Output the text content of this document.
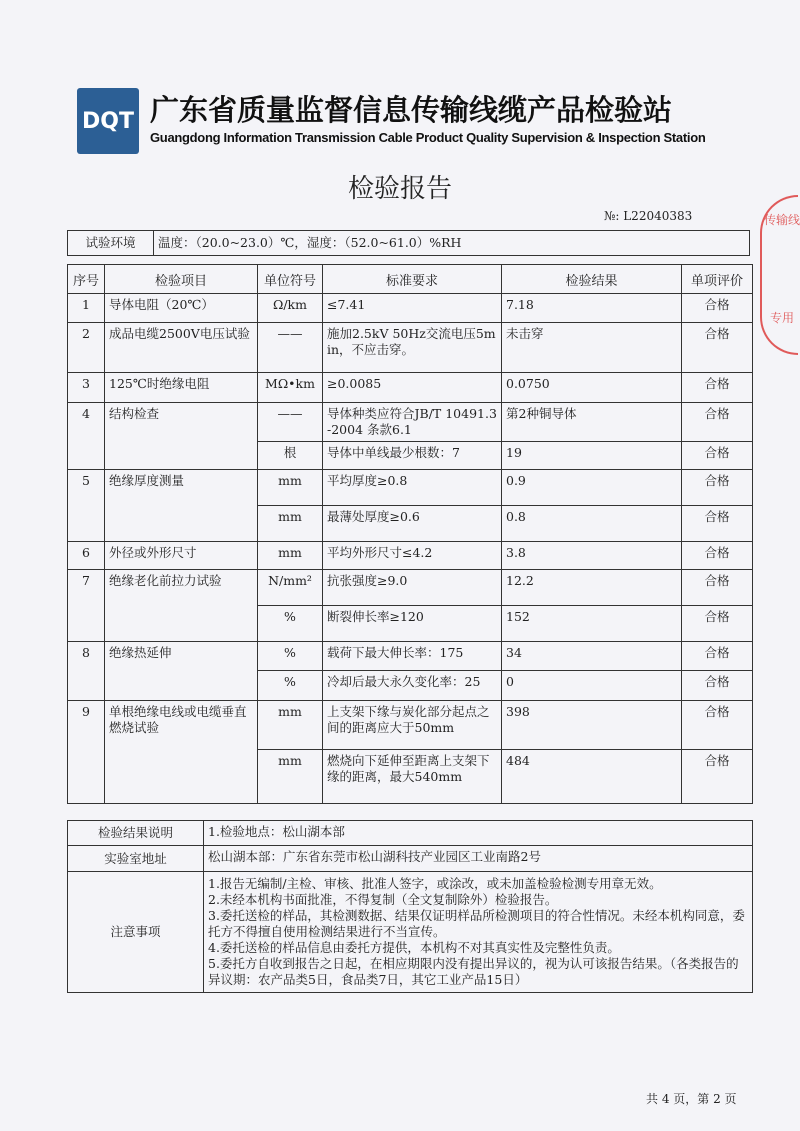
DQT 广东省质量监督信息传输线缆产品检验站
Guangdong Information Transmission Cable Product Quality Supervision & Inspection Station
检验报告
№: L22040383	传输线
专用
试验环境	温度：（20.0~23.0）℃，湿度：（52.0~61.0）%RH
序号	检验项目	单位符号	标准要求	检验结果	单项评价
1	导体电阻（20℃）	Ω/km	≤7.41	7.18	合格
2	成品电缆2500V电压试验	——	施加2.5kV 50Hz交流电压5min，不应击穿。	未击穿	合格
3	125℃时绝缘电阻	MΩ•km	≥0.0085	0.0750	合格
4	结构检查	——	导体种类应符合JB/T 10491.3-2004 条款6.1	第2种铜导体	合格
		根	导体中单线最少根数：7	19	合格
5	绝缘厚度测量	mm	平均厚度≥0.8	0.9	合格
		mm	最薄处厚度≥0.6	0.8	合格
6	外径或外形尺寸	mm	平均外形尺寸≤4.2	3.8	合格
7	绝缘老化前拉力试验	N/mm²	抗张强度≥9.0	12.2	合格
		%	断裂伸长率≥120	152	合格
8	绝缘热延伸	%	载荷下最大伸长率：175	34	合格
		%	冷却后最大永久变化率：25	0	合格
9	单根绝缘电线或电缆垂直燃烧试验	mm	上支架下缘与炭化部分起点之间的距离应大于50mm	398	合格
		mm	燃烧向下延伸至距离上支架下缘的距离，最大540mm	484	合格
检验结果说明	1.检验地点：松山湖本部
实验室地址	松山湖本部：广东省东莞市松山湖科技产业园区工业南路2号
注意事项	1.报告无编制/主检、审核、批准人签字，或涂改，或未加盖检验检测专用章无效。
2.未经本机构书面批准，不得复制（全文复制除外）检验报告。
3.委托送检的样品，其检测数据、结果仅证明样品所检测项目的符合性情况。未经本机构同意，委托方不得擅自使用检测结果进行不当宣传。
4.委托送检的样品信息由委托方提供，本机构不对其真实性及完整性负责。
5.委托方自收到报告之日起，在相应期限内没有提出异议的，视为认可该报告结果。（各类报告的异议期：农产品类5日，食品类7日，其它工业产品15日）
共 4 页，第 2 页
